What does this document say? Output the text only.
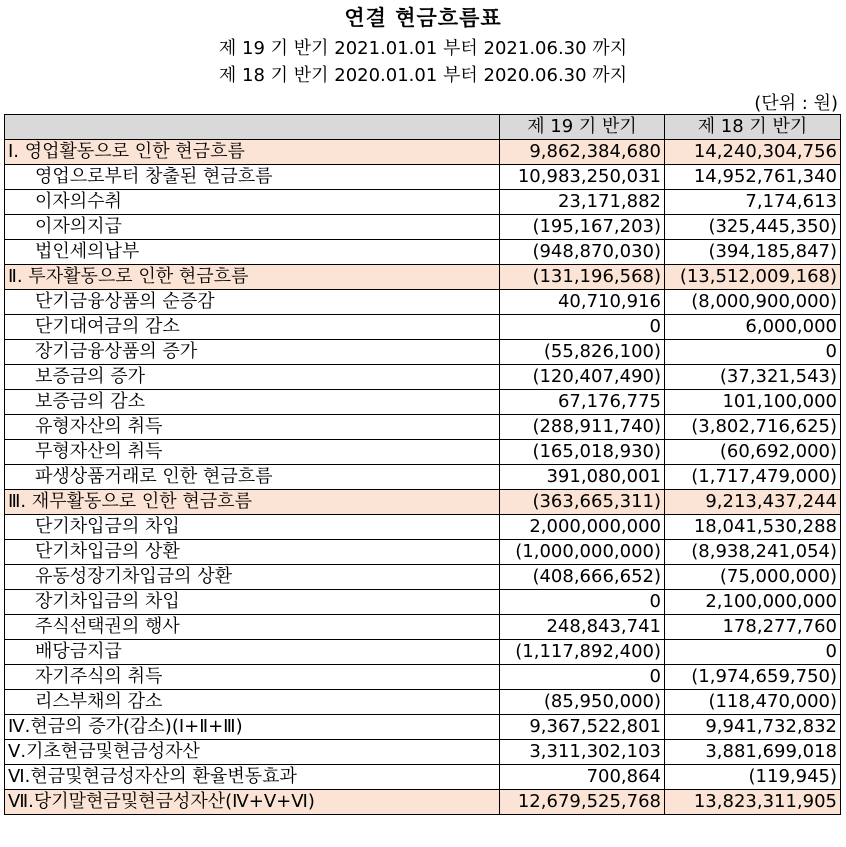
연결 현금흐름표
제 19 기 반기 2021.01.01 부터 2021.06.30 까지
제 18 기 반기 2020.01.01 부터 2020.06.30 까지
(단위 : 원)
	제 19 기 반기	제 18 기 반기
Ⅰ. 영업활동으로 인한 현금흐름	9,862,384,680	14,240,304,756
영업으로부터 창출된 현금흐름	10,983,250,031	14,952,761,340
이자의수취	23,171,882	7,174,613
이자의지급	(195,167,203)	(325,445,350)
법인세의납부	(948,870,030)	(394,185,847)
Ⅱ. 투자활동으로 인한 현금흐름	(131,196,568)	(13,512,009,168)
단기금융상품의 순증감	40,710,916	(8,000,900,000)
단기대여금의 감소	0	6,000,000
장기금융상품의 증가	(55,826,100)	0
보증금의 증가	(120,407,490)	(37,321,543)
보증금의 감소	67,176,775	101,100,000
유형자산의 취득	(288,911,740)	(3,802,716,625)
무형자산의 취득	(165,018,930)	(60,692,000)
파생상품거래로 인한 현금흐름	391,080,001	(1,717,479,000)
Ⅲ. 재무활동으로 인한 현금흐름	(363,665,311)	9,213,437,244
단기차입금의 차입	2,000,000,000	18,041,530,288
단기차입금의 상환	(1,000,000,000)	(8,938,241,054)
유동성장기차입금의 상환	(408,666,652)	(75,000,000)
장기차입금의 차입	0	2,100,000,000
주식선택권의 행사	248,843,741	178,277,760
배당금지급	(1,117,892,400)	0
자기주식의 취득	0	(1,974,659,750)
리스부채의 감소	(85,950,000)	(118,470,000)
Ⅳ.현금의 증가(감소)(Ⅰ+Ⅱ+Ⅲ)	9,367,522,801	9,941,732,832
Ⅴ.기초현금및현금성자산	3,311,302,103	3,881,699,018
Ⅵ.현금및현금성자산의 환율변동효과	700,864	(119,945)
Ⅶ.당기말현금및현금성자산(Ⅳ+Ⅴ+Ⅵ)	12,679,525,768	13,823,311,905
